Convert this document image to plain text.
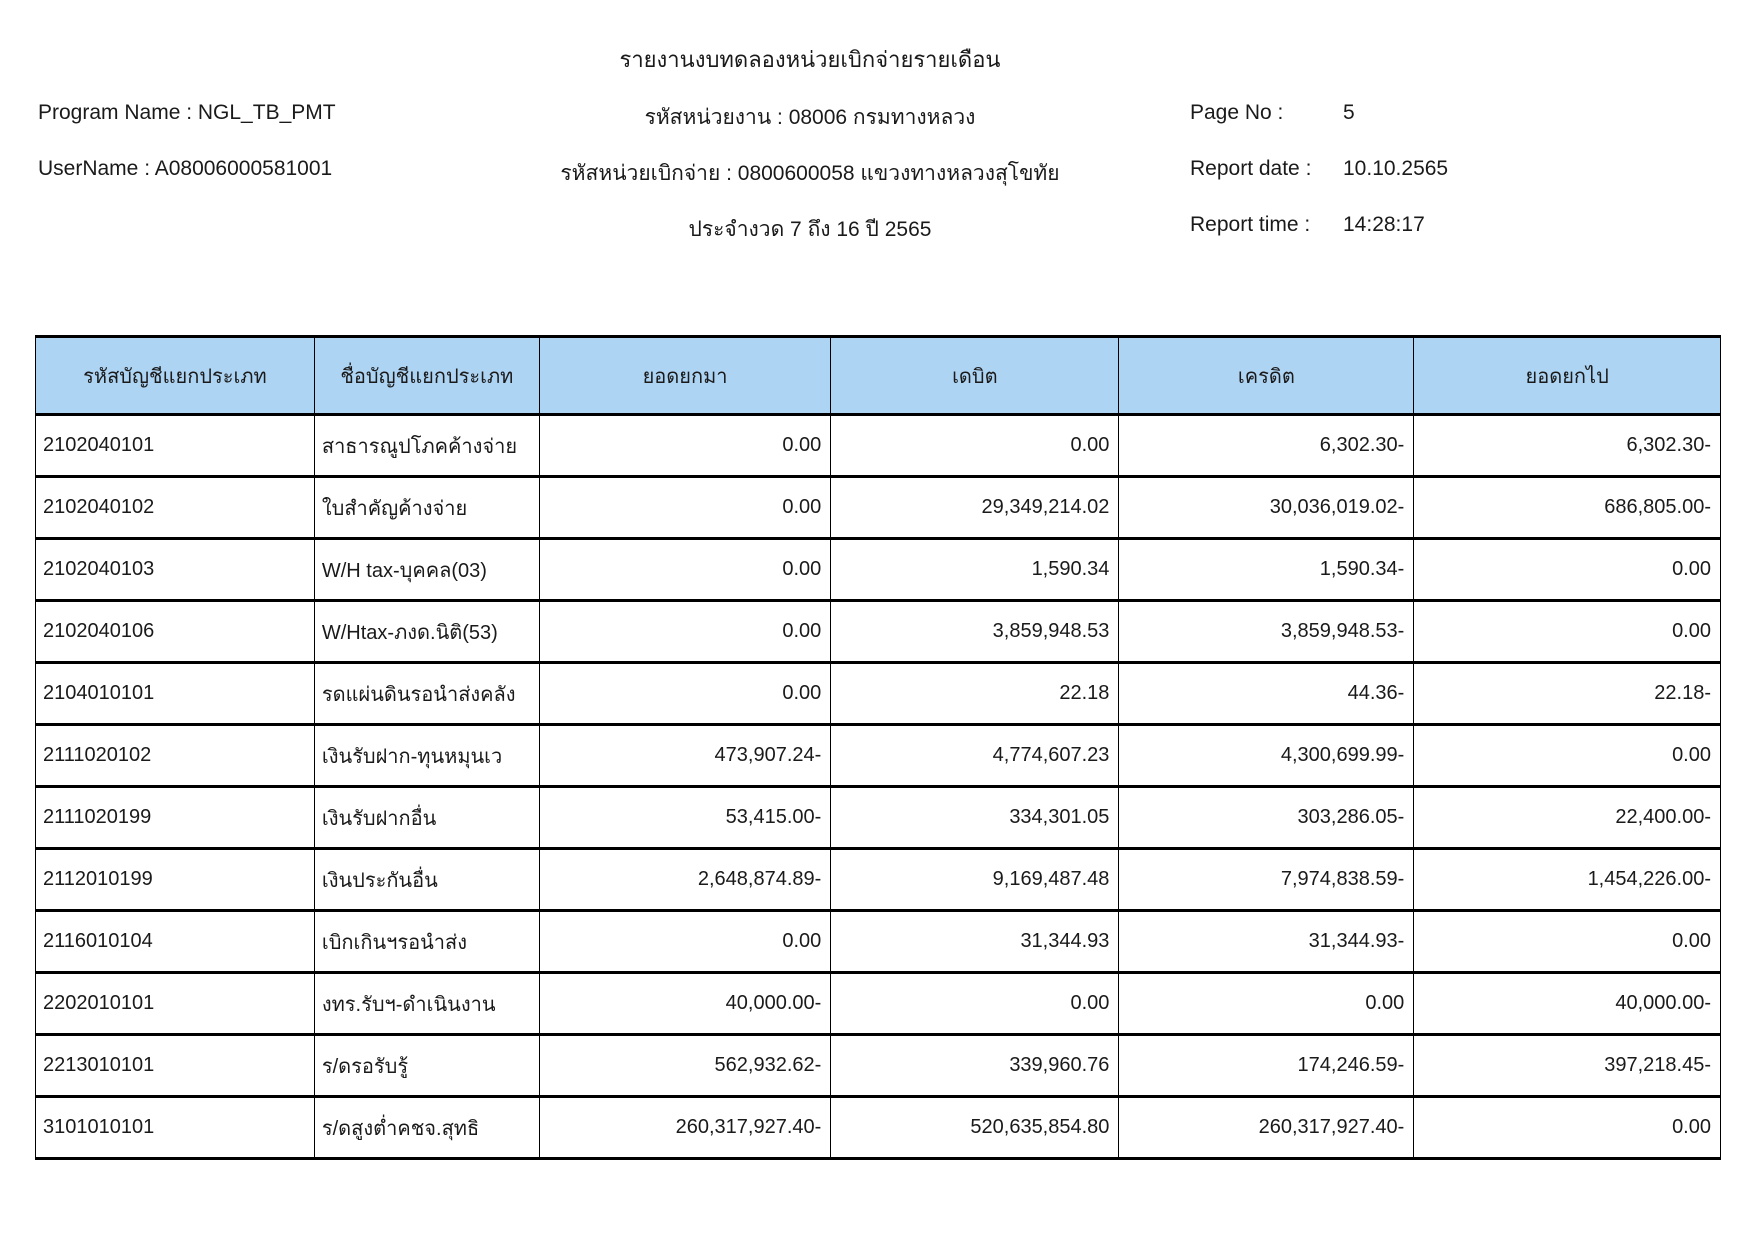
รายงานงบทดลองหน่วยเบิกจ่ายรายเดือน
Program Name : NGL_TB_PMT
UserName : A08006000581001
รหัสหน่วยงาน : 08006 กรมทางหลวง
รหัสหน่วยเบิกจ่าย : 0800600058 แขวงทางหลวงสุโขทัย
ประจำงวด 7 ถึง 16 ปี 2565
Page No :	5
Report date : 10.10.2565
Report time : 14:28:17
รหัสบัญชีแยกประเภท	ชื่อบัญชีแยกประเภท	ยอดยกมา	เดบิต	เครดิต	ยอดยกไป
2102040101	สาธารณูปโภคค้างจ่าย	0.00	0.00	6,302.30-	6,302.30-
2102040102	ใบสำคัญค้างจ่าย	0.00	29,349,214.02	30,036,019.02-	686,805.00-
2102040103	W/H tax-บุคคล(03)	0.00	1,590.34	1,590.34-	0.00
2102040106	W/Htax-ภงด.นิติ(53)	0.00	3,859,948.53	3,859,948.53-	0.00
2104010101	รดแผ่นดินรอนำส่งคลัง	0.00	22.18	44.36-	22.18-
2111020102	เงินรับฝาก-ทุนหมุนเว	473,907.24-	4,774,607.23	4,300,699.99-	0.00
2111020199	เงินรับฝากอื่น	53,415.00-	334,301.05	303,286.05-	22,400.00-
2112010199	เงินประกันอื่น	2,648,874.89-	9,169,487.48	7,974,838.59-	1,454,226.00-
2116010104	เบิกเกินฯรอนำส่ง	0.00	31,344.93	31,344.93-	0.00
2202010101	งทร.รับฯ-ดำเนินงาน	40,000.00-	0.00	0.00	40,000.00-
2213010101	ร/ดรอรับรู้	562,932.62-	339,960.76	174,246.59-	397,218.45-
3101010101	ร/ดสูงต่ำคชจ.สุทธิ	260,317,927.40-	520,635,854.80	260,317,927.40-	0.00
